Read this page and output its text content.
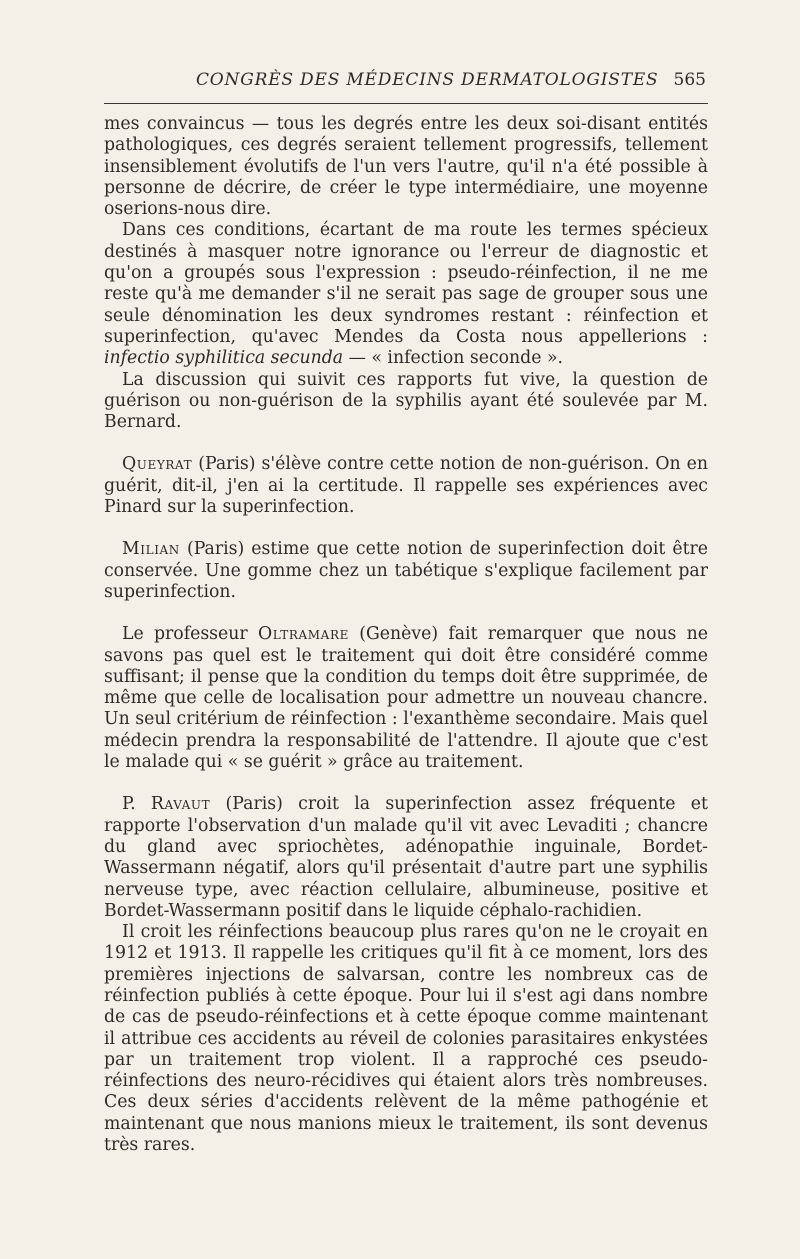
CONGRÈS DES MÉDECINS DERMATOLOGISTES 565

mes convaincus — tous les degrés entre les deux soi-disant entités pathologiques, ces degrés seraient tellement progressifs, tellement insensiblement évolutifs de l'un vers l'autre, qu'il n'a été possible à personne de décrire, de créer le type intermédiaire, une moyenne oserions-nous dire.

Dans ces conditions, écartant de ma route les termes spécieux destinés à masquer notre ignorance ou l'erreur de diagnostic et qu'on a groupés sous l'expression : pseudo-réinfection, il ne me reste qu'à me demander s'il ne serait pas sage de grouper sous une seule dénomination les deux syndromes restant : réinfection et superinfection, qu'avec Mendes da Costa nous appellerions : infectio syphilitica secunda — « infection seconde ».

La discussion qui suivit ces rapports fut vive, la question de guérison ou non-guérison de la syphilis ayant été soulevée par M. Bernard.

Queyrat (Paris) s'élève contre cette notion de non-guérison. On en guérit, dit-il, j'en ai la certitude. Il rappelle ses expériences avec Pinard sur la superinfection.

Milian (Paris) estime que cette notion de superinfection doit être conservée. Une gomme chez un tabétique s'explique facilement par superinfection.

Le professeur Oltramare (Genève) fait remarquer que nous ne savons pas quel est le traitement qui doit être considéré comme suffisant; il pense que la condition du temps doit être supprimée, de même que celle de localisation pour admettre un nouveau chancre. Un seul critérium de réinfection : l'exanthème secondaire. Mais quel médecin prendra la responsabilité de l'attendre. Il ajoute que c'est le malade qui « se guérit » grâce au traitement.

P. Ravaut (Paris) croit la superinfection assez fréquente et rapporte l'observation d'un malade qu'il vit avec Levaditi ; chancre du gland avec spriochètes, adénopathie inguinale, Bordet-Wassermann négatif, alors qu'il présentait d'autre part une syphilis nerveuse type, avec réaction cellulaire, albumineuse, positive et Bordet-Wassermann positif dans le liquide céphalo-rachidien.

Il croit les réinfections beaucoup plus rares qu'on ne le croyait en 1912 et 1913. Il rappelle les critiques qu'il fit à ce moment, lors des premières injections de salvarsan, contre les nombreux cas de réinfection publiés à cette époque. Pour lui il s'est agi dans nombre de cas de pseudo-réinfections et à cette époque comme maintenant il attribue ces accidents au réveil de colonies parasitaires enkystées par un traitement trop violent. Il a rapproché ces pseudo-réinfections des neuro-récidives qui étaient alors très nombreuses. Ces deux séries d'accidents relèvent de la même pathogénie et maintenant que nous manions mieux le traitement, ils sont devenus très rares.
